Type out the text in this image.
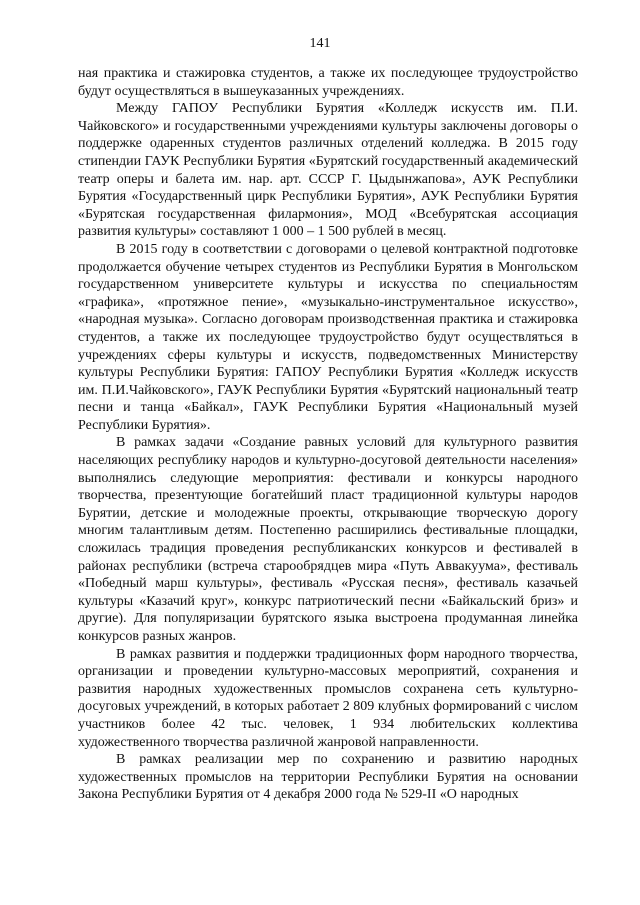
141

ная практика и стажировка студентов, а также их последующее трудоустройство будут осуществляться в вышеуказанных учреждениях.

Между ГАПОУ Республики Бурятия «Колледж искусств им. П.И. Чайковского» и государственными учреждениями культуры заключены договоры о поддержке одаренных студентов различных отделений колледжа. В 2015 году стипендии ГАУК Республики Бурятия «Бурятский государственный академический театр оперы и балета им. нар. арт. СССР Г. Цыдынжапова», АУК Республики Бурятия «Государственный цирк Республики Бурятия», АУК Республики Бурятия «Бурятская государственная филармония», МОД «Всебурятская ассоциация развития культуры» составляют 1 000 – 1 500 рублей в месяц.

В 2015 году в соответствии с договорами о целевой контрактной подготовке продолжается обучение четырех студентов из Республики Бурятия в Монгольском государственном университете культуры и искусства по специальностям «графика», «протяжное пение», «музыкально-инструментальное искусство», «народная музыка». Согласно договорам производственная практика и стажировка студентов, а также их последующее трудоустройство будут осуществляться в учреждениях сферы культуры и искусств, подведомственных Министерству культуры Республики Бурятия: ГАПОУ Республики Бурятия «Колледж искусств им. П.И.Чайковского», ГАУК Республики Бурятия «Бурятский национальный театр песни и танца «Байкал», ГАУК Республики Бурятия «Национальный музей Республики Бурятия».

В рамках задачи «Создание равных условий для культурного развития населяющих республику народов и культурно-досуговой деятельности населения» выполнялись следующие мероприятия: фестивали и конкурсы народного творчества, презентующие богатейший пласт традиционной культуры народов Бурятии, детские и молодежные проекты, открывающие творческую дорогу многим талантливым детям. Постепенно расширились фестивальные площадки, сложилась традиция проведения республиканских конкурсов и фестивалей в районах республики (встреча старообрядцев мира «Путь Аввакуума», фестиваль «Победный марш культуры», фестиваль «Русская песня», фестиваль казачьей культуры «Казачий круг», конкурс патриотический песни «Байкальский бриз» и другие). Для популяризации бурятского языка выстроена продуманная линейка конкурсов разных жанров.

В рамках развития и поддержки традиционных форм народного творчества, организации и проведении культурно-массовых мероприятий, сохранения и развития народных художественных промыслов сохранена сеть культурно-досуговых учреждений, в которых работает 2 809 клубных формирований с числом участников более 42 тыс. человек, 1 934 любительских коллектива художественного творчества различной жанровой направленности.

В рамках реализации мер по сохранению и развитию народных художественных промыслов на территории Республики Бурятия на основании Закона Республики Бурятия от 4 декабря 2000 года № 529-II «О народных
